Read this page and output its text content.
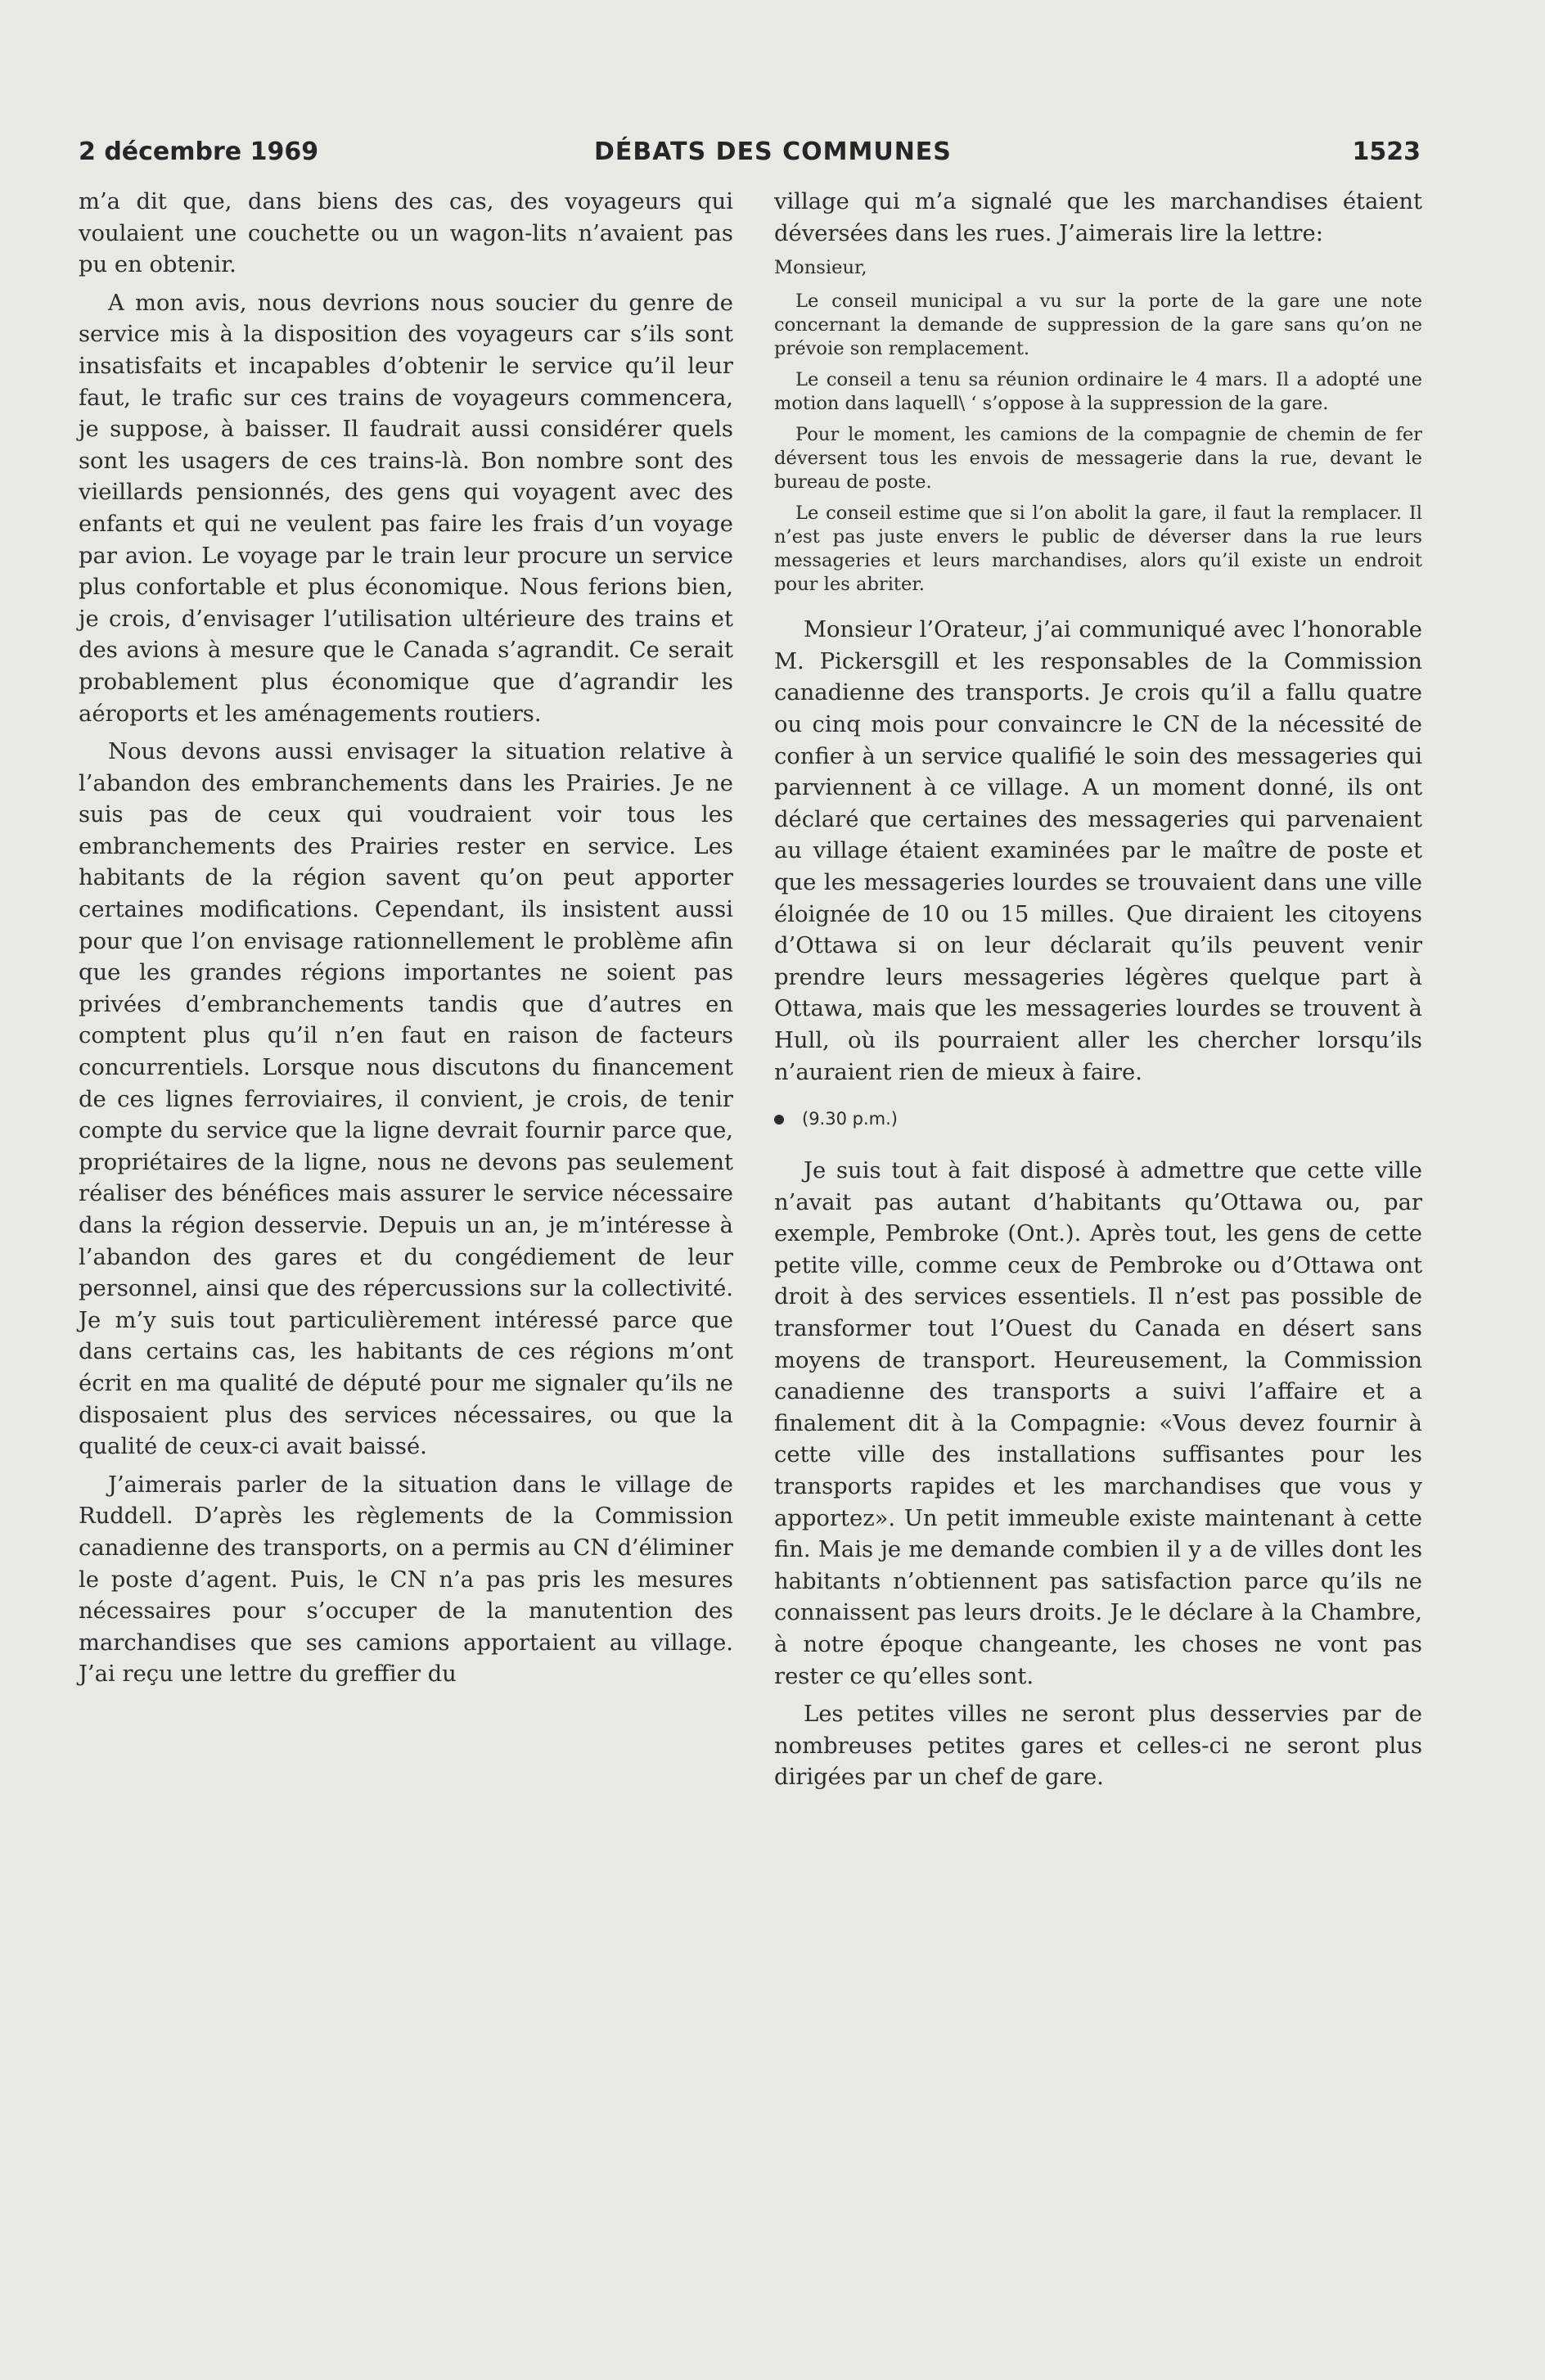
2 décembre 1969	DÉBATS DES COMMUNES	1523

m’a dit que, dans biens des cas, des voyageurs qui voulaient une couchette ou un wagon-lits n’avaient pas pu en obtenir.

A mon avis, nous devrions nous soucier du genre de service mis à la disposition des voyageurs car s’ils sont insatisfaits et incapables d’obtenir le service qu’il leur faut, le trafic sur ces trains de voyageurs commencera, je suppose, à baisser. Il faudrait aussi considérer quels sont les usagers de ces trains-là. Bon nombre sont des vieillards pensionnés, des gens qui voyagent avec des enfants et qui ne veulent pas faire les frais d’un voyage par avion. Le voyage par le train leur procure un service plus confortable et plus économique. Nous ferions bien, je crois, d’envisager l’utilisation ultérieure des trains et des avions à mesure que le Canada s’agrandit. Ce serait probablement plus économique que d’agrandir les aéroports et les aménagements routiers.

Nous devons aussi envisager la situation relative à l’abandon des embranchements dans les Prairies. Je ne suis pas de ceux qui voudraient voir tous les embranchements des Prairies rester en service. Les habitants de la région savent qu’on peut apporter certaines modifications. Cependant, ils insistent aussi pour que l’on envisage rationnellement le problème afin que les grandes régions importantes ne soient pas privées d’embranchements tandis que d’autres en comptent plus qu’il n’en faut en raison de facteurs concurrentiels. Lorsque nous discutons du financement de ces lignes ferroviaires, il convient, je crois, de tenir compte du service que la ligne devrait fournir parce que, propriétaires de la ligne, nous ne devons pas seulement réaliser des bénéfices mais assurer le service nécessaire dans la région desservie. Depuis un an, je m’intéresse à l’abandon des gares et du congédiement de leur personnel, ainsi que des répercussions sur la collectivité. Je m’y suis tout particulièrement intéressé parce que dans certains cas, les habitants de ces régions m’ont écrit en ma qualité de député pour me signaler qu’ils ne disposaient plus des services nécessaires, ou que la qualité de ceux-ci avait baissé.

J’aimerais parler de la situation dans le village de Ruddell. D’après les règlements de la Commission canadienne des transports, on a permis au CN d’éliminer le poste d’agent. Puis, le CN n’a pas pris les mesures nécessaires pour s’occuper de la manutention des marchandises que ses camions apportaient au village. J’ai reçu une lettre du greffier du

village qui m’a signalé que les marchandises étaient déversées dans les rues. J’aimerais lire la lettre:

Monsieur,

Le conseil municipal a vu sur la porte de la gare une note concernant la demande de suppression de la gare sans qu’on ne prévoie son remplacement.

Le conseil a tenu sa réunion ordinaire le 4 mars. Il a adopté une motion dans laquell\ ‘ s’oppose à la suppression de la gare.

Pour le moment, les camions de la compagnie de chemin de fer déversent tous les envois de messagerie dans la rue, devant le bureau de poste.

Le conseil estime que si l’on abolit la gare, il faut la remplacer. Il n’est pas juste envers le public de déverser dans la rue leurs messageries et leurs marchandises, alors qu’il existe un endroit pour les abriter.

Monsieur l’Orateur, j’ai communiqué avec l’honorable M. Pickersgill et les responsables de la Commission canadienne des transports. Je crois qu’il a fallu quatre ou cinq mois pour convaincre le CN de la nécessité de confier à un service qualifié le soin des messageries qui parviennent à ce village. A un moment donné, ils ont déclaré que certaines des messageries qui parvenaient au village étaient examinées par le maître de poste et que les messageries lourdes se trouvaient dans une ville éloignée de 10 ou 15 milles. Que diraient les citoyens d’Ottawa si on leur déclarait qu’ils peuvent venir prendre leurs messageries légères quelque part à Ottawa, mais que les messageries lourdes se trouvent à Hull, où ils pourraient aller les chercher lorsqu’ils n’auraient rien de mieux à faire.

(9.30 p.m.)

Je suis tout à fait disposé à admettre que cette ville n’avait pas autant d’habitants qu’Ottawa ou, par exemple, Pembroke (Ont.). Après tout, les gens de cette petite ville, comme ceux de Pembroke ou d’Ottawa ont droit à des services essentiels. Il n’est pas possible de transformer tout l’Ouest du Canada en désert sans moyens de transport. Heureusement, la Commission canadienne des transports a suivi l’affaire et a finalement dit à la Compagnie: «Vous devez fournir à cette ville des installations suffisantes pour les transports rapides et les marchandises que vous y apportez». Un petit immeuble existe maintenant à cette fin. Mais je me demande combien il y a de villes dont les habitants n’obtiennent pas satisfaction parce qu’ils ne connaissent pas leurs droits. Je le déclare à la Chambre, à notre époque changeante, les choses ne vont pas rester ce qu’elles sont.

Les petites villes ne seront plus desservies par de nombreuses petites gares et celles-ci ne seront plus dirigées par un chef de gare.
